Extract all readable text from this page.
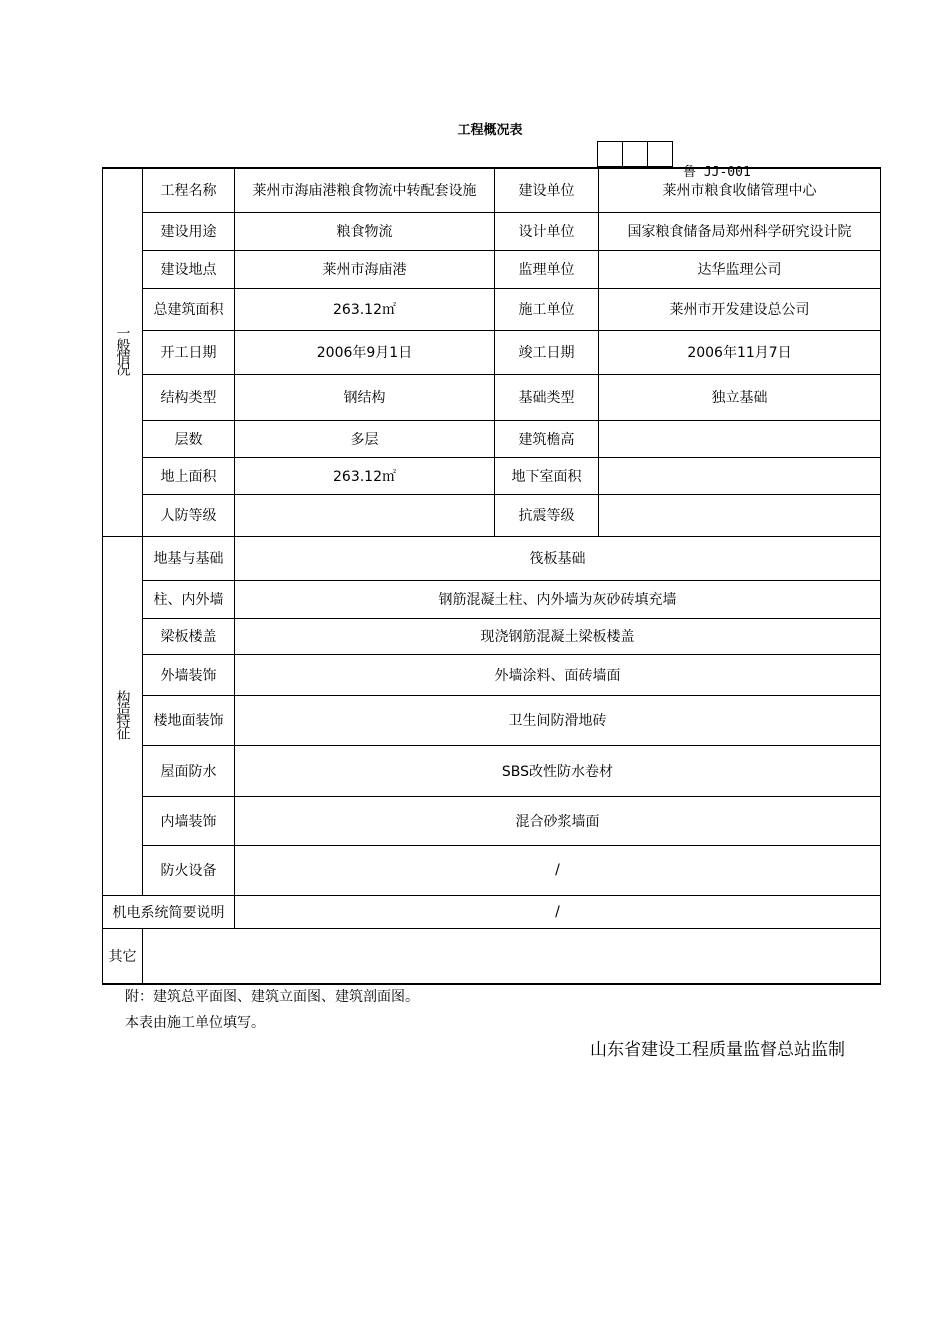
工程概况表
鲁 JJ-001
一般情况	工程名称	莱州市海庙港粮食物流中转配套设施	建设单位	莱州市粮食收储管理中心
	建设用途	粮食物流	设计单位	国家粮食储备局郑州科学研究设计院
	建设地点	莱州市海庙港	监理单位	达华监理公司
	总建筑面积	263.12㎡	施工单位	莱州市开发建设总公司
	开工日期	2006年9月1日	竣工日期	2006年11月7日
	结构类型	钢结构	基础类型	独立基础
	层数	多层	建筑檐高	
	地上面积	263.12㎡	地下室面积	
	人防等级		抗震等级	
构造特征	地基与基础	筏板基础		
	柱、内外墙	钢筋混凝土柱、内外墙为灰砂砖填充墙		
	梁板楼盖	现浇钢筋混凝土梁板楼盖		
	外墙装饰	外墙涂料、面砖墙面		
	楼地面装饰	卫生间防滑地砖		
	屋面防水	SBS改性防水卷材		
	内墙装饰	混合砂浆墙面		
	防火设备	/		
机电系统简要说明		/		
其它				
附：建筑总平面图、建筑立面图、建筑剖面图。
本表由施工单位填写。
山东省建设工程质量监督总站监制
